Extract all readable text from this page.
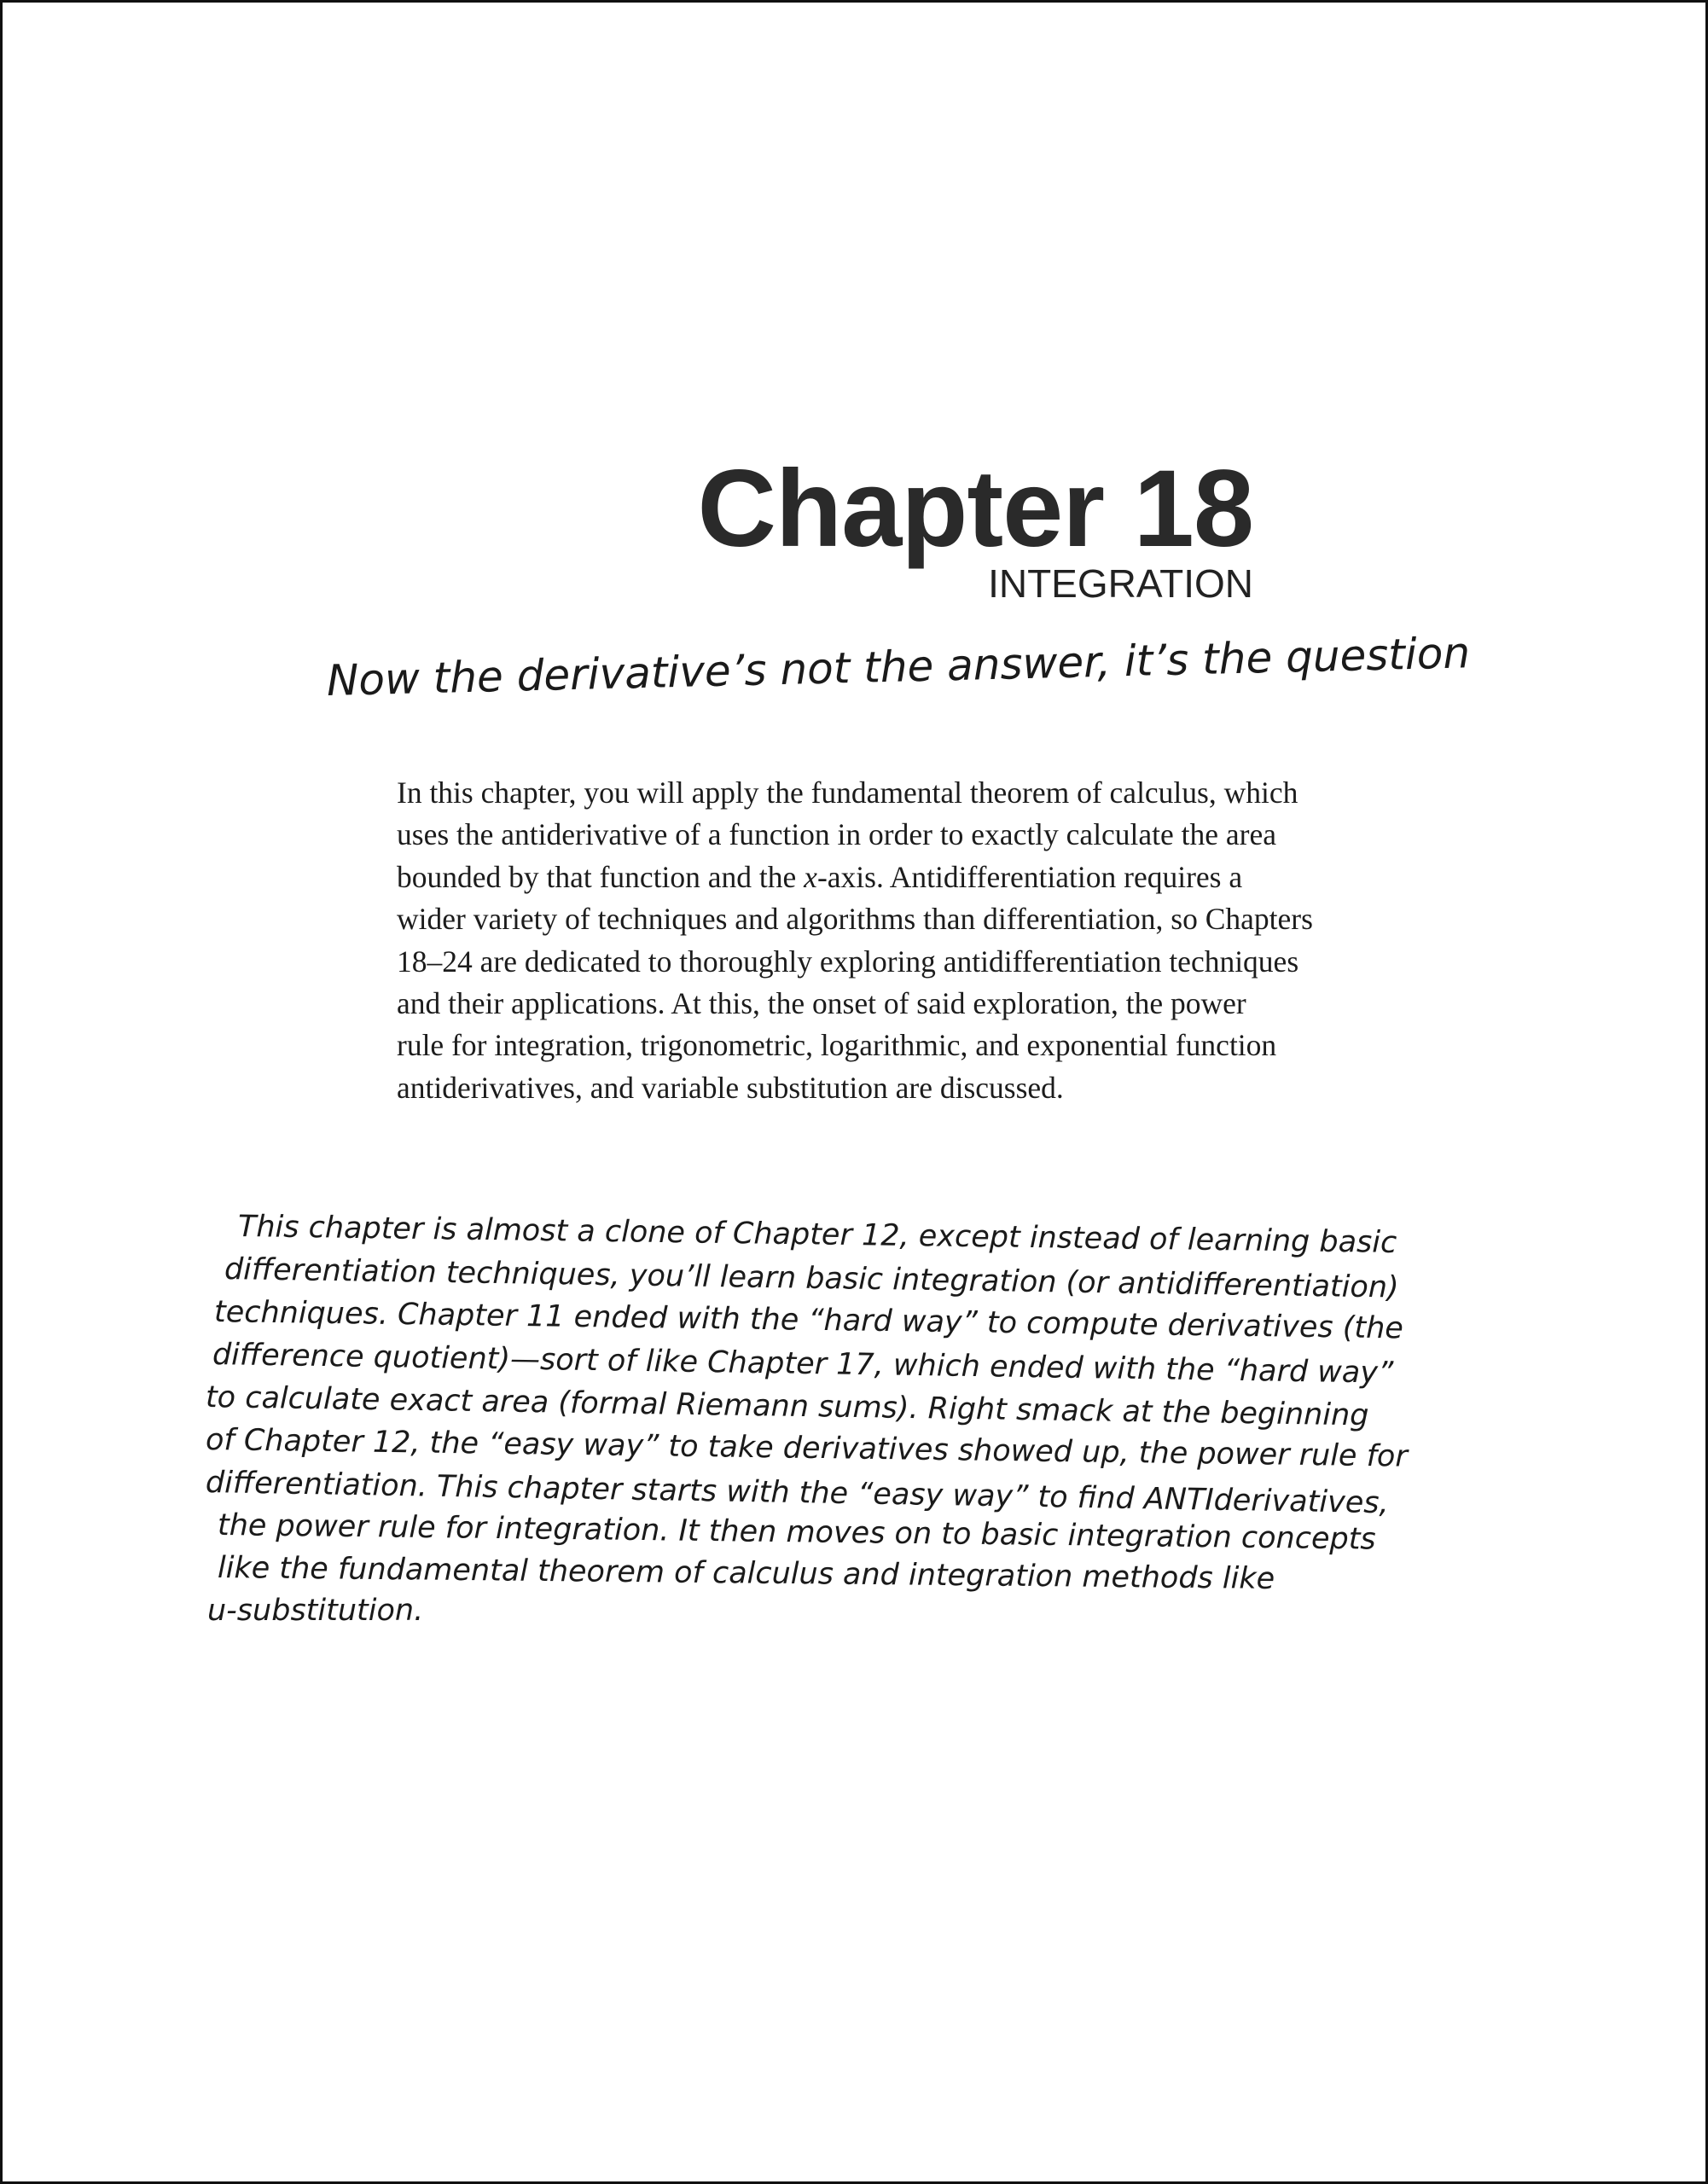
Chapter 18
INTEGRATION

Now the derivative’s not the answer, it’s the question

In this chapter, you will apply the fundamental theorem of calculus, which
uses the antiderivative of a function in order to exactly calculate the area
bounded by that function and the x-axis. Antidifferentiation requires a
wider variety of techniques and algorithms than differentiation, so Chapters
18–24 are dedicated to thoroughly exploring antidifferentiation techniques
and their applications. At this, the onset of said exploration, the power
rule for integration, trigonometric, logarithmic, and exponential function
antiderivatives, and variable substitution are discussed.
This chapter is almost a clone of Chapter 12, except instead of learning basic
differentiation techniques, you’ll learn basic integration (or antidifferentiation)
techniques. Chapter 11 ended with the “hard way” to compute derivatives (the
difference quotient)—sort of like Chapter 17, which ended with the “hard way”
to calculate exact area (formal Riemann sums). Right smack at the beginning
of Chapter 12, the “easy way” to take derivatives showed up, the power rule for
differentiation. This chapter starts with the “easy way” to find ANTIderivatives,
the power rule for integration. It then moves on to basic integration concepts
like the fundamental theorem of calculus and integration methods like
u-substitution.
